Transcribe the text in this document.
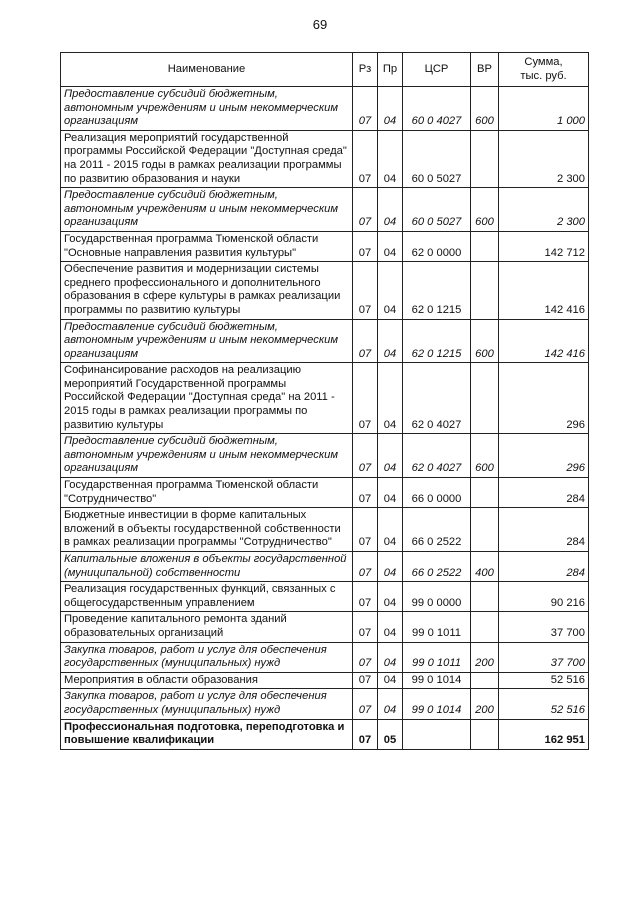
69
Наименование	Рз	Пр	ЦСР	ВР	Сумма,
тыс. руб.

Предоставление субсидий бюджетным, автономным учреждениям и иным некоммерческим организациям	07	04	60 0 4027	600	1 000
Реализация мероприятий государственной программы Российской Федерации "Доступная среда" на 2011 - 2015 годы в рамках реализации программы по развитию образования и науки	07	04	60 0 5027		2 300
Предоставление субсидий бюджетным, автономным учреждениям и иным некоммерческим организациям	07	04	60 0 5027	600	2 300
Государственная программа Тюменской области "Основные направления развития культуры"	07	04	62 0 0000		142 712
Обеспечение развития и модернизации системы среднего профессионального и дополнительного образования в сфере культуры в рамках реализации программы по развитию культуры	07	04	62 0 1215		142 416
Предоставление субсидий бюджетным, автономным учреждениям и иным некоммерческим организациям	07	04	62 0 1215	600	142 416
Софинансирование расходов на реализацию мероприятий Государственной программы Российской Федерации "Доступная среда" на 2011 - 2015 годы в рамках реализации программы по развитию культуры	07	04	62 0 4027		296
Предоставление субсидий бюджетным, автономным учреждениям и иным некоммерческим организациям	07	04	62 0 4027	600	296
Государственная программа Тюменской области "Сотрудничество"	07	04	66 0 0000		284
Бюджетные инвестиции в форме капитальных вложений в объекты государственной собственности в рамках реализации программы "Сотрудничество"	07	04	66 0 2522		284
Капитальные вложения в объекты государственной (муниципальной) собственности	07	04	66 0 2522	400	284
Реализация государственных функций, связанных с общегосударственным управлением	07	04	99 0 0000		90 216
Проведение капитального ремонта зданий образовательных организаций	07	04	99 0 1011		37 700
Закупка товаров, работ и услуг для обеспечения государственных (муниципальных) нужд	07	04	99 0 1011	200	37 700
Мероприятия в области образования	07	04	99 0 1014		52 516
Закупка товаров, работ и услуг для обеспечения государственных (муниципальных) нужд	07	04	99 0 1014	200	52 516
Профессиональная подготовка, переподготовка и повышение квалификации	07	05			162 951
